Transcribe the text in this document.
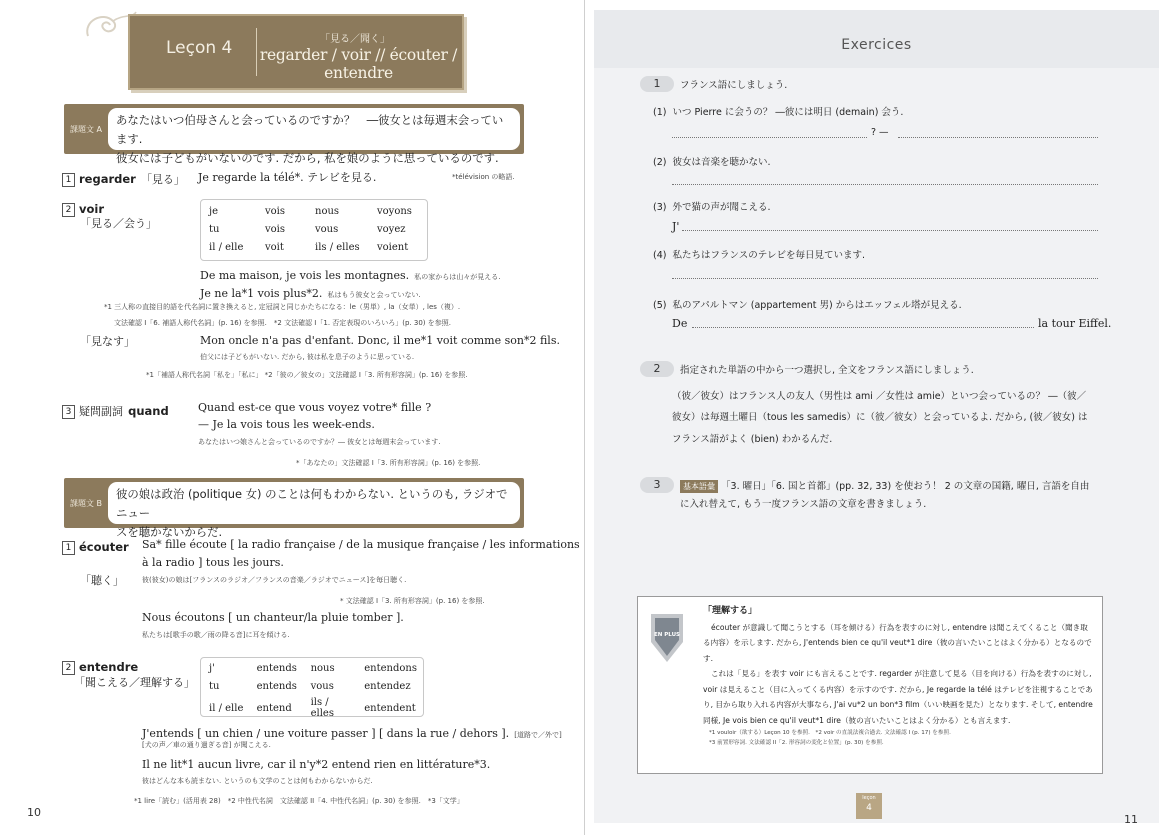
Leçon 4	「見る／聞く」
regarder / voir // écouter / entendre
課題文 A
あなたはいつ伯母さんと会っているのですか？　―彼女とは毎週末会っています.
彼女には子どもがいないのです. だから, 私を娘のように思っているのです.
1 regarder 「見る」 Je regarde la télé*. テレビを見る.	*télévision の略語.
2 voir
「見る／会う」
je	vois	nous	voyons
tu	vois	vous	voyez
il / elle	voit	ils / elles	voient
De ma maison, je vois les montagnes. 私の家からは山々が見える.
Je ne la*1 vois plus*2. 私はもう彼女と会っていない.
*1 三人称の直接目的語を代名詞に置き換えると, 定冠詞と同じかたちになる：le（男単）, la（女単）, les（複）.
文法確認 I「6. 補語人称代名詞」(p. 16) を参照.　*2 文法確認 I「1. 否定表現のいろいろ」(p. 30) を参照.
「見なす」	Mon oncle n'a pas d'enfant. Donc, il me*1 voit comme son*2 fils.
伯父には子どもがいない. だから, 彼は私を息子のように思っている.
*1「補語人称代名詞「私を」「私に」 *2「彼の／彼女の」文法確認 I「3. 所有形容詞」(p. 16) を参照.
3 疑問副詞 quand	Quand est-ce que vous voyez votre* fille ?
— Je la vois tous les week-ends.
あなたはいつ娘さんと会っているのですか？― 彼女とは毎週末会っています.
*「あなたの」文法確認 I「3. 所有形容詞」(p. 16) を参照.
課題文 B
彼の娘は政治 (politique 女) のことは何もわからない. というのも, ラジオでニュー
スを聴かないからだ.
1 écouter
「聴く」
Sa* fille écoute [ la radio française / de la musique française / les informations
à la radio ] tous les jours.
彼(彼女)の娘は[フランスのラジオ／フランスの音楽／ラジオでニュース]を毎日聴く.
* 文法確認 I「3. 所有形容詞」(p. 16) を参照.
Nous écoutons [ un chanteur/la pluie tomber ].
私たちは[歌手の歌／雨の降る音]に耳を傾ける.
2 entendre
「聞こえる／理解する」
j'	entends	nous	entendons
tu	entends	vous	entendez
il / elle	entend	ils / elles	entendent
J'entends [ un chien / une voiture passer ] [ dans la rue / dehors ]. [道路で／外で]
[犬の声／車の通り過ぎる音] が聞こえる.
Il ne lit*1 aucun livre, car il n'y*2 entend rien en littérature*3.
彼はどんな本も読まない. というのも文学のことは何もわからないからだ.
*1 lire「読む」(活用表 28)　*2 中性代名詞　文法確認 II「4. 中性代名詞」(p. 30) を参照.　*3「文学」
10
Exercices
1	フランス語にしましょう.
(1) いつ Pierre に会うの？ ―彼には明日 (demain) 会う.
? —
(2) 彼女は音楽を聴かない.
(3) 外で猫の声が聞こえる.
J'
(4) 私たちはフランスのテレビを毎日見ています.
(5) 私のアパルトマン (appartement 男) からはエッフェル塔が見える.
De	la tour Eiffel.
2	指定された単語の中から一つ選択し, 全文をフランス語にしましょう.
（彼／彼女）はフランス人の友人（男性は ami ／女性は amie）といつ会っているの？ ―（彼／
彼女）は毎週土曜日（tous les samedis）に（彼／彼女）と会っているよ. だから, (彼／彼女) は
フランス語がよく (bien) わかるんだ.
3	基本語彙 「3. 曜日」「6. 国と首都」(pp. 32, 33) を使おう！ 2 の文章の国籍, 曜日, 言語を自由
に入れ替えて, もう一度フランス語の文章を書きましょう.
EN PLUS
「理解する」
écouter が意識して聞こうとする（耳を傾ける）行為を表すのに対し, entendre は聞こえてくること（聞き取る内容）を示します. だから, J'entends bien ce qu'il veut*1 dire（彼の言いたいことはよく分かる）となるのです.
これは「見る」を表す voir にも言えることです. regarder が注意して見る（目を向ける）行為を表すのに対し, voir は見えること（目に入ってくる内容）を示すのです. だから, Je regarde la télé はテレビを注視することであり, 目から取り入れる内容が大事なら, J'ai vu*2 un bon*3 film（いい映画を見た）となります. そして, entendre 同様, Je vois bien ce qu'il veut*1 dire（彼の言いたいことはよく分かる）とも言えます.
*1 vouloir（欲する）Leçon 10 を参照.　*2 voir の直説法複合過去. 文法確認 I (p. 17) を参照.
*3 前置形容詞. 文法確認 II「2. 形容詞の変化と位置」(p. 30) を参照.
leçon
4
11
